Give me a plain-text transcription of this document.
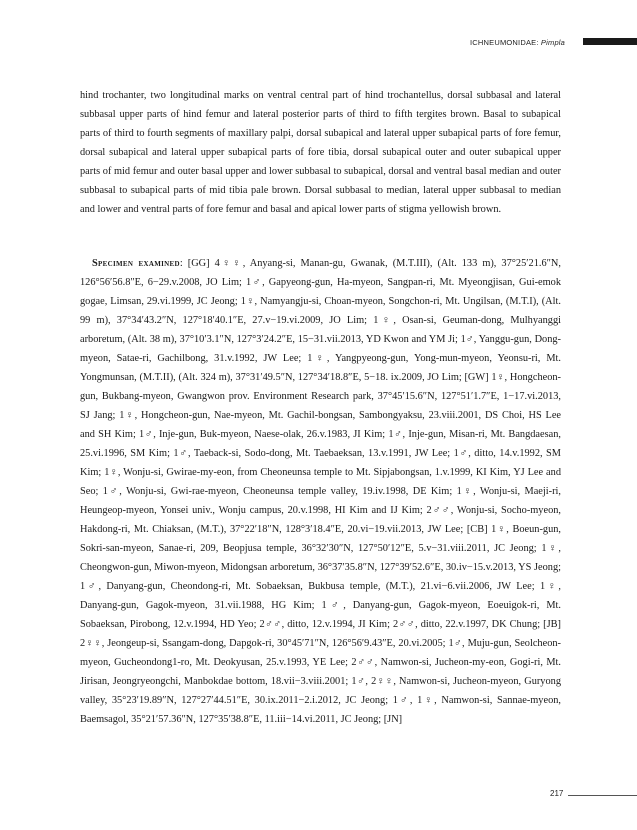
ICHNEUMONIDAE: Pimpla

hind trochanter, two longitudinal marks on ventral central part of hind trochantellus, dorsal subbasal and lateral subbasal upper parts of hind femur and lateral posterior parts of third to fifth tergites brown. Basal to subapical parts of third to fourth segments of maxillary palpi, dorsal subapical and lateral upper subapical parts of fore femur, dorsal subapical and lateral upper subapical parts of fore tibia, dorsal subapical outer and outer subapical upper parts of mid femur and outer basal upper and lower subbasal to subapical, dorsal and ventral basal median and outer subbasal to subapical parts of mid tibia pale brown. Dorsal subbasal to median, lateral upper subbasal to median and lower and ventral parts of fore femur and basal and apical lower parts of stigma yellowish brown.

Specimen examined: [GG] 4♀♀, Anyang-si, Manan-gu, Gwanak, (M.T.III), (Alt. 133 m), 37°25′21.6″N, 126°56′56.8″E, 6−29.v.2008, JO Lim; 1♂, Gapyeong-gun, Ha-myeon, Sangpan-ri, Mt. Myeongjisan, Gui-emok gogae, Limsan, 29.vi.1999, JC Jeong; 1♀, Namyangju-si, Choan-myeon, Songchon-ri, Mt. Ungilsan, (M.T.I), (Alt. 99 m), 37°34′43.2″N, 127°18′40.1″E, 27.v−19.vi.2009, JO Lim; 1♀, Osan-si, Geuman-dong, Mulhyanggi arboretum, (Alt. 38 m), 37°10′3.1″N, 127°3′24.2″E, 15−31.vii.2013, YD Kwon and YM Ji; 1♂, Yanggu-gun, Dong-myeon, Satae-ri, Gachilbong, 31.v.1992, JW Lee; 1♀, Yangpyeong-gun, Yong-mun-myeon, Yeonsu-ri, Mt. Yongmunsan, (M.T.II), (Alt. 324 m), 37°31′49.5″N, 127°34′18.8″E, 5−18. ix.2009, JO Lim; [GW] 1♀, Hongcheon-gun, Bukbang-myeon, Gwangwon prov. Environment Research park, 37°45′15.6″N, 127°51′1.7″E, 1−17.vi.2013, SJ Jang; 1♀, Hongcheon-gun, Nae-myeon, Mt. Gachil-bongsan, Sambongyaksu, 23.viii.2001, DS Choi, HS Lee and SH Kim; 1♂, Inje-gun, Buk-myeon, Naese-olak, 26.v.1983, JI Kim; 1♂, Inje-gun, Misan-ri, Mt. Bangdaesan, 25.vi.1996, SM Kim; 1♂, Taeback-si, Sodo-dong, Mt. Taebaeksan, 13.v.1991, JW Lee; 1♂, ditto, 14.v.1992, SM Kim; 1♀, Wonju-si, Gwirae-my-eon, from Cheoneunsa temple to Mt. Sipjabongsan, 1.v.1999, KI Kim, YJ Lee and Seo; 1♂, Wonju-si, Gwi-rae-myeon, Cheoneunsa temple valley, 19.iv.1998, DE Kim; 1♀, Wonju-si, Maeji-ri, Heungeop-myeon, Yonsei univ., Wonju campus, 20.v.1998, HI Kim and IJ Kim; 2♂♂, Wonju-si, Socho-myeon, Hakdong-ri, Mt. Chiaksan, (M.T.), 37°22′18″N, 128°3′18.4″E, 20.vi−19.vii.2013, JW Lee; [CB] 1♀, Boeun-gun, Sokri-san-myeon, Sanae-ri, 209, Beopjusa temple, 36°32′30″N, 127°50′12″E, 5.v−31.viii.2011, JC Jeong; 1♀, Cheongwon-gun, Miwon-myeon, Midongsan arboretum, 36°37′35.8″N, 127°39′52.6″E, 30.iv−15.v.2013, YS Jeong; 1♂, Danyang-gun, Cheondong-ri, Mt. Sobaeksan, Bukbusa temple, (M.T.), 21.vi−6.vii.2006, JW Lee; 1♀, Danyang-gun, Gagok-myeon, 31.vii.1988, HG Kim; 1♂, Danyang-gun, Gagok-myeon, Eoeuigok-ri, Mt. Sobaeksan, Pirobong, 12.v.1994, HD Yeo; 2♂♂, ditto, 12.v.1994, JI Kim; 2♂♂, ditto, 22.v.1997, DK Chung; [JB] 2♀♀, Jeongeup-si, Ssangam-dong, Dapgok-ri, 30°45′71″N, 126°56′9.43″E, 20.vi.2005; 1♂, Muju-gun, Seolcheon-myeon, Gucheondong1-ro, Mt. Deokyusan, 25.v.1993, YE Lee; 2♂♂, Namwon-si, Jucheon-my-eon, Gogi-ri, Mt. Jirisan, Jeongryeongchi, Manbokdae bottom, 18.vii−3.viii.2001; 1♂, 2♀♀, Namwon-si, Jucheon-myeon, Guryong valley, 35°23′19.89″N, 127°27′44.51″E, 30.ix.2011−2.i.2012, JC Jeong; 1♂, 1♀, Namwon-si, Sannae-myeon, Baemsagol, 35°21′57.36″N, 127°35′38.8″E, 11.iii−14.vi.2011, JC Jeong; [JN]

217
